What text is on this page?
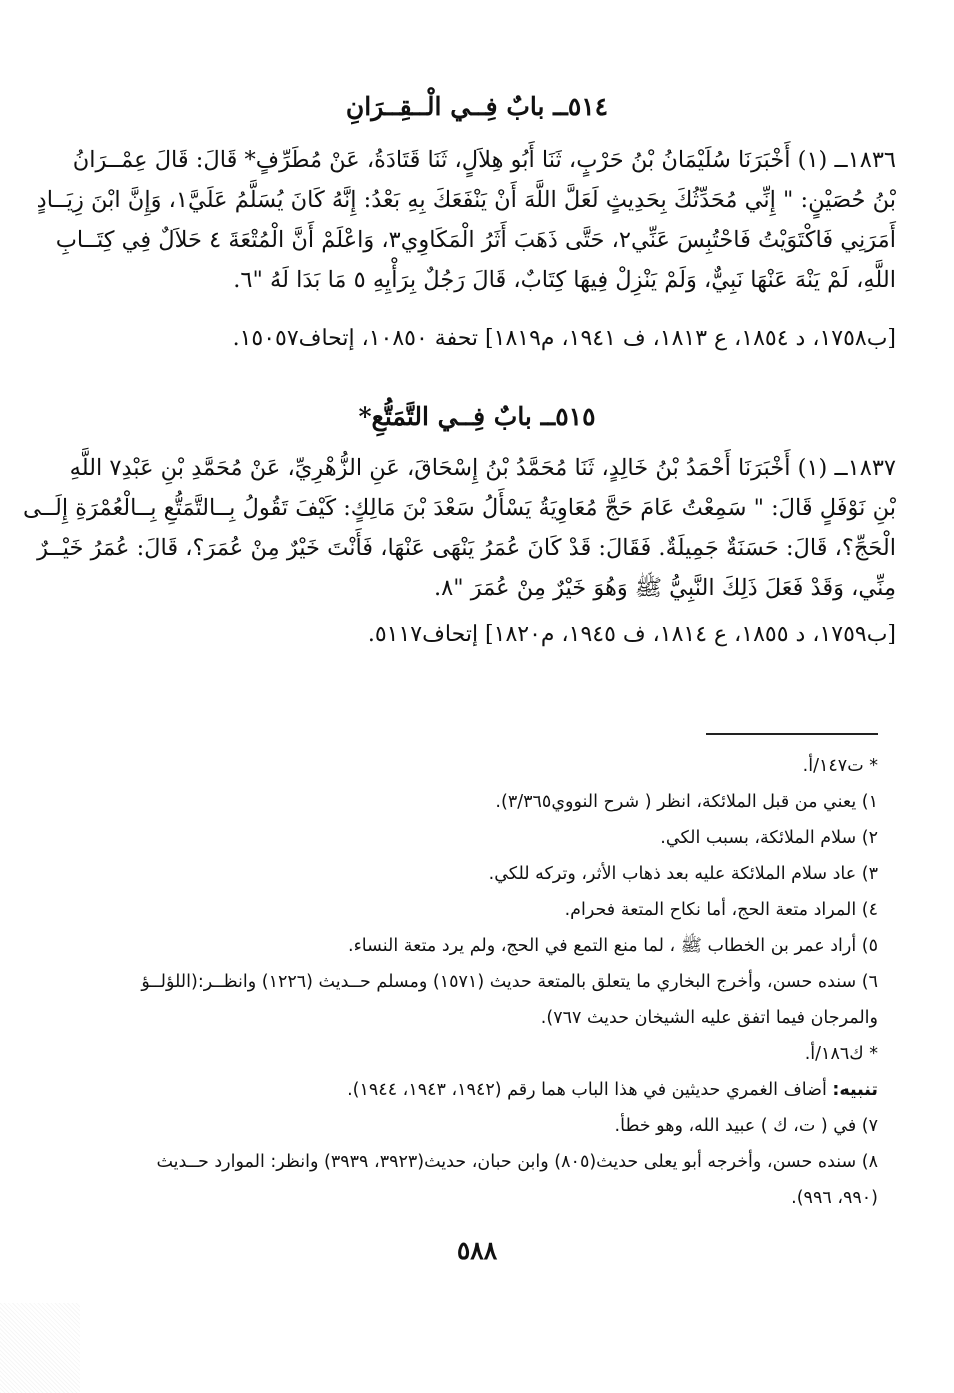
٥١٤ــ بابٌ فِــي الْــقِــرَانِ
١٨٣٦ــ (١) أَخْبَرَنَا سُلَيْمَانُ بْنُ حَرْبٍ، ثَنَا أَبُو هِلاَلٍ، ثَنَا قَتَادَةُ، عَنْ مُطَرِّفٍ* قَالَ: قَالَ عِمْــرَانُ
بْنُ حُصَيْنٍ: " إِنِّي مُحَدِّثُكَ بِحَدِيثٍ لَعَلَّ اللَّهَ أَنْ يَنْفَعَكَ بِهِ بَعْدُ: إِنَّهُ كَانَ يُسَلَّمُ عَلَيَّ١، وَإِنَّ ابْنَ زِيَــادٍ
أَمَرَنِي فَاكْتَوَيْتُ فَاحْتُبِسَ عَنِّي٢، حَتَّى ذَهَبَ أَثَرُ الْمَكَاوِي٣، وَاعْلَمْ أَنَّ الْمُتْعَةَ ٤ حَلاَلٌ فِي كِتَــابِ
اللَّهِ، لَمْ يَنْهَ عَنْهَا نَبِيٌّ، وَلَمْ يَنْزِلْ فِيهَا كِتَابٌ، قَالَ رَجُلٌ بِرَأْيِهِ ٥ مَا بَدَا لَهُ "٦.

[ب١٧٥٨، د ١٨٥٤، ع ١٨١٣، ف ١٩٤١، م١٨١٩] تحفة ١٠٨٥٠، إتحاف١٥٠٥٧.

٥١٥ــ بابٌ فِــي التَّمَتُّعِ*
١٨٣٧ــ (١) أَخْبَرَنَا أَحْمَدُ بْنُ خَالِدٍ، ثَنَا مُحَمَّدُ بْنُ إِسْحَاقَ، عَنِ الزُّهْرِيِّ، عَنْ مُحَمَّدِ بْنِ عَبْدِ٧ اللَّهِ
بْنِ نَوْفَلٍ قَالَ: " سَمِعْتُ عَامَ حَجَّ مُعَاوِيَةُ يَسْأَلُ سَعْدَ بْنَ مَالِكٍ: كَيْفَ تَقُولُ بِــالتَّمَتُّعِ بِــالْعُمْرَةِ إِلَــى
الْحَجِّ؟، قَالَ: حَسَنَةٌ جَمِيلَةٌ. فَقَالَ: قَدْ كَانَ عُمَرُ يَنْهَى عَنْهَا، فَأَنْتَ خَيْرٌ مِنْ عُمَرَ؟، قَالَ: عُمَرُ خَيْــرٌ
مِنِّي، وَقَدْ فَعَلَ ذَلِكَ النَّبِيُّ ﷺ وَهُوَ خَيْرٌ مِنْ عُمَرَ "٨.

[ب١٧٥٩، د ١٨٥٥، ع ١٨١٤، ف ١٩٤٥، م١٨٢٠] إتحاف٥١١٧.

* ت١٤٧/أ.
١) يعني من قبل الملائكة، انظر ( شرح النووي٣/٣٦٥).
٢) سلام الملائكة، بسبب الكي.
٣) عاد سلام الملائكة عليه بعد ذهاب الأثر، وتركه للكي.
٤) المراد متعة الحج، أما نكاح المتعة فحرام.
٥) أراد عمر بن الخطاب ﷺ ، لما منع التمع في الحج، ولم يرد متعة النساء.
٦) سنده حسن، وأخرج البخاري ما يتعلق بالمتعة حديث (١٥٧١) ومسلم حــديث (١٢٢٦) وانظــر:(اللؤلــؤ
والمرجان فيما اتفق عليه الشيخان حديث ٧٦٧).
* ك١٨٦/أ.
تنبيه: أضاف الغمري حديثين في هذا الباب هما رقم (١٩٤٢، ١٩٤٣، ١٩٤٤).
٧) في ( ت، ك ) عبيد الله، وهو خطأ.
٨) سنده حسن، وأخرجه أبو يعلى حديث(٨٠٥) وابن حبان، حديث(٣٩٢٣، ٣٩٣٩) وانظر: الموارد حــديث
(٩٩٠، ٩٩٦).

٥٨٨
